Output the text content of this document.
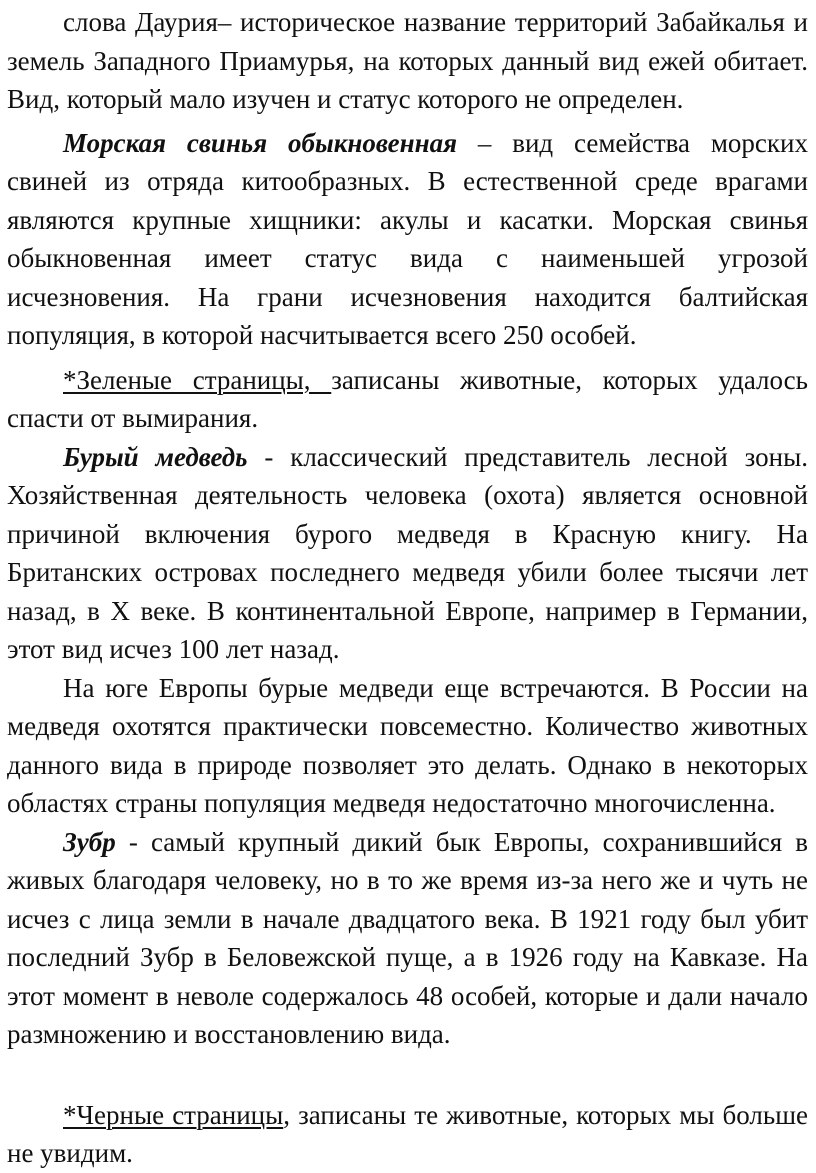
слова Даурия– историческое название территорий Забайкалья и земель Западного Приамурья, на которых данный вид ежей обитает. Вид, который мало изучен и статус которого не определен.

Морская свинья обыкновенная – вид семейства морских свиней из отряда китообразных. В естественной среде врагами являются крупные хищники: акулы и касатки. Морская свинья обыкновенная имеет статус вида с наименьшей угрозой исчезновения. На грани исчезновения находится балтийская популяция, в которой насчитывается всего 250 особей.

*Зеленые страницы, записаны животные, которых удалось спасти от вымирания.

Бурый медведь - классический представитель лесной зоны. Хозяйственная деятельность человека (охота) является основной причиной включения бурого медведя в Красную книгу. На Британских островах последнего медведя убили более тысячи лет назад, в X веке. В континентальной Европе, например в Германии, этот вид исчез 100 лет назад.

На юге Европы бурые медведи еще встречаются. В России на медведя охотятся практически повсеместно. Количество животных данного вида в природе позволяет это делать. Однако в некоторых областях страны популяция медведя недостаточно многочисленна.

Зубр - самый крупный дикий бык Европы, сохранившийся в живых благодаря человеку, но в то же время из-за него же и чуть не исчез с лица земли в начале двадцатого века. В 1921 году был убит последний Зубр в Беловежской пуще, а в 1926 году на Кавказе. На этот момент в неволе содержалось 48 особей, которые и дали начало размножению и восстановлению вида.

*Черные страницы, записаны те животные, которых мы больше не увидим.
